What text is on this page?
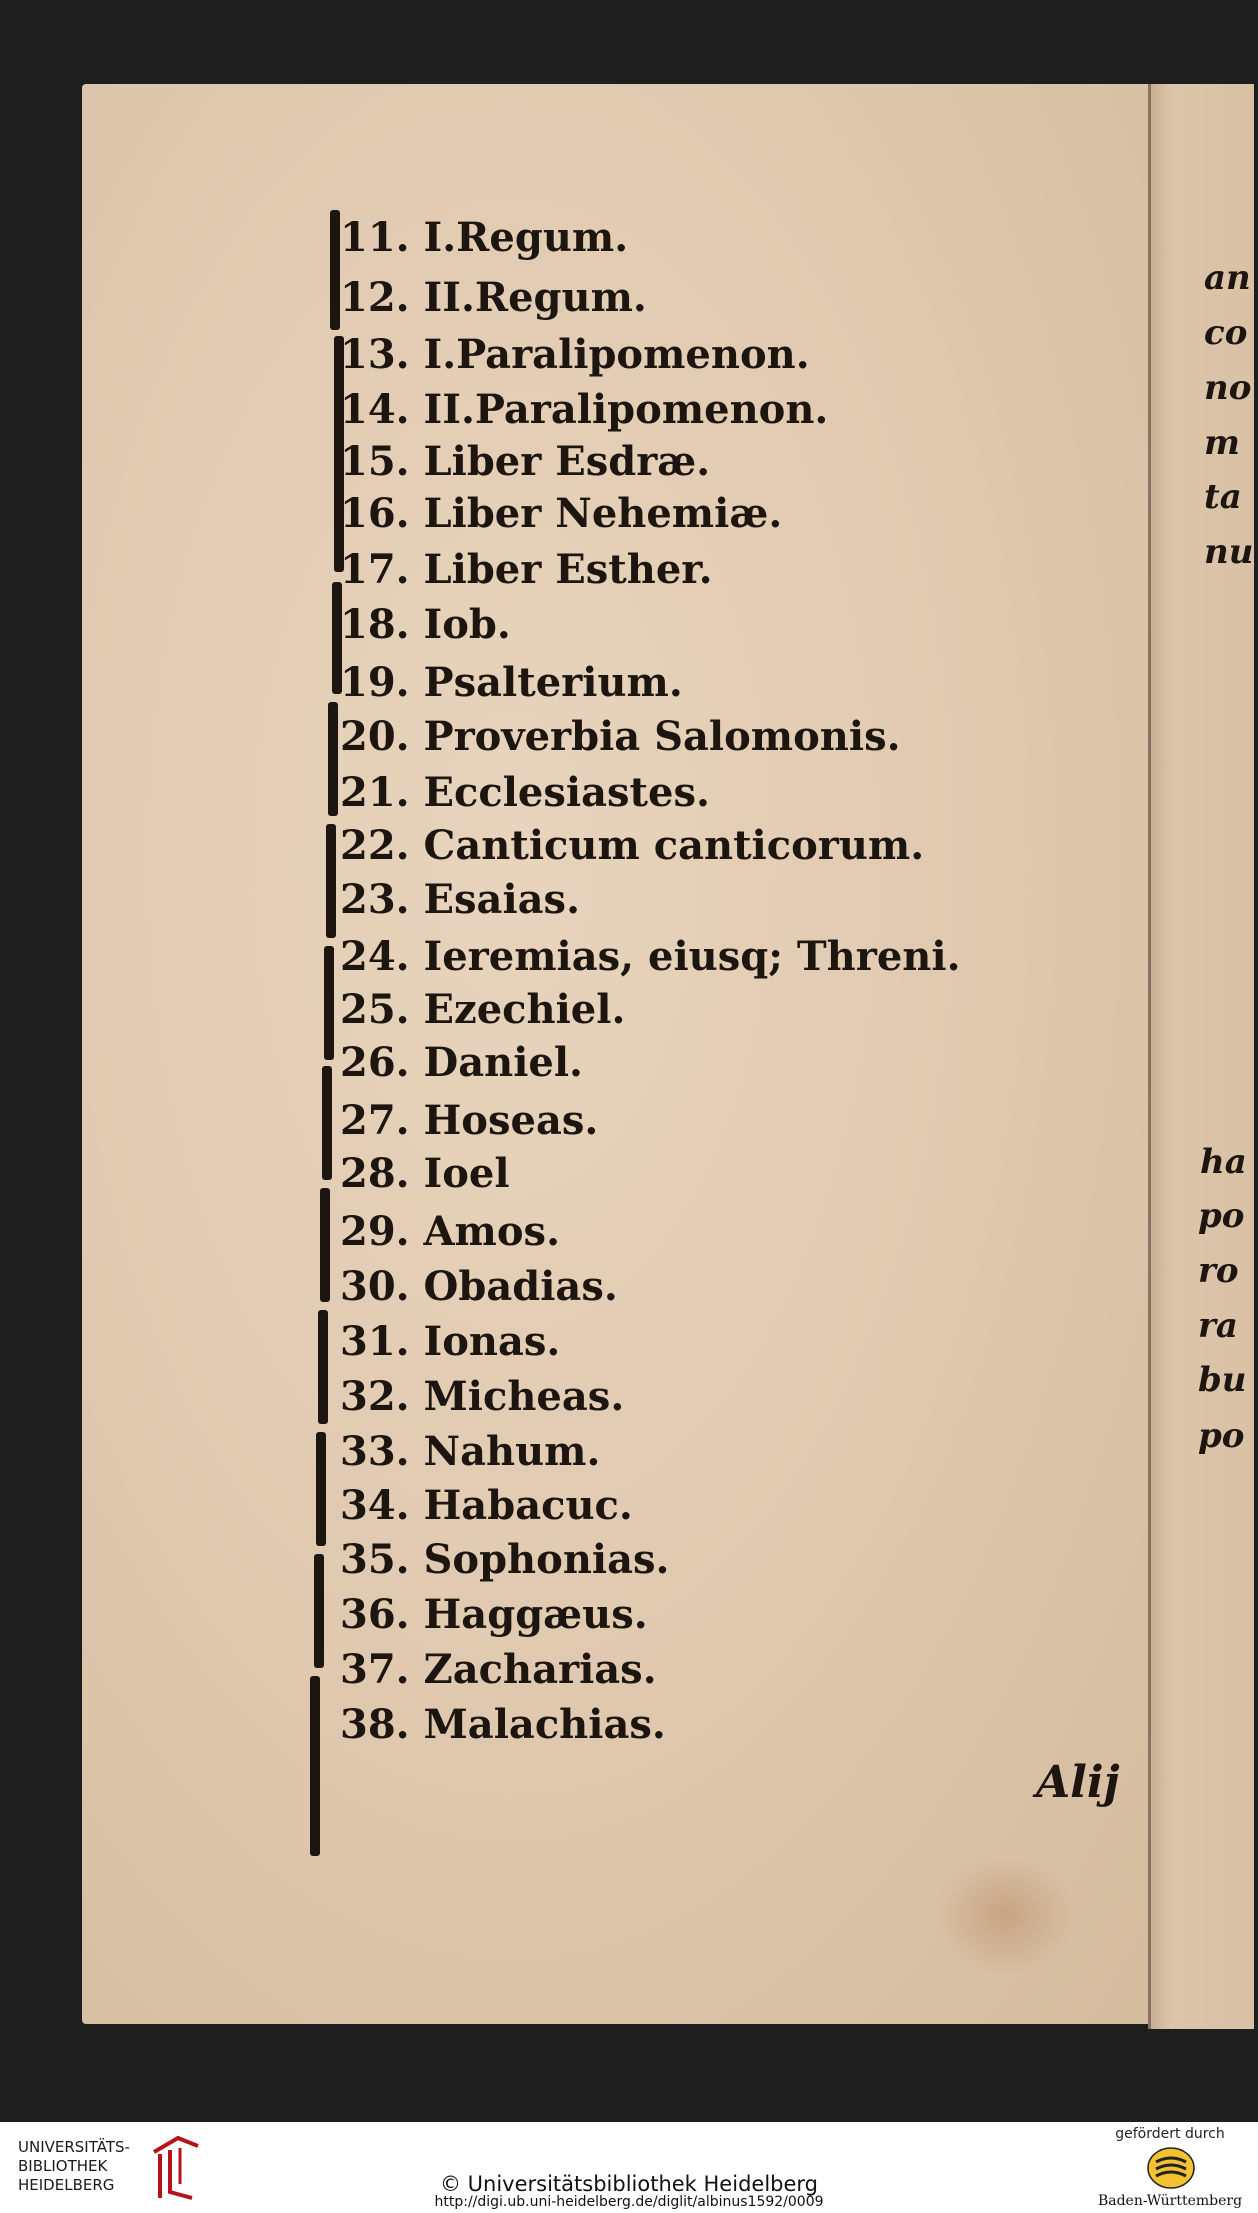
11. I.Regum.
12. II.Regum.
13. I.Paralipomenon.
14. II.Paralipomenon.
15. Liber Esdræ.
16. Liber Nehemiæ.
17. Liber Esther.
18. Iob.
19. Psalterium.
20. Proverbia Salomonis.
21. Ecclesiastes.
22. Canticum canticorum.
23. Esaias.
24. Ieremias, eiusq; Threni.
25. Ezechiel.
26. Daniel.
27. Hoseas.
28. Ioel
29. Amos.
30. Obadias.
31. Ionas.
32. Micheas.
33. Nahum.
34. Habacuc.
35. Sophonias.
36. Haggæus.
37. Zacharias.
38. Malachias.
Alij
an
co
no
m
ta
nu
ha
po
ro
ra
bu
po
UNIVERSITÄTS-
BIBLIOTHEK
HEIDELBERG	© Universitätsbibliothek Heidelberg
http://digi.ub.uni-heidelberg.de/diglit/albinus1592/0009
gefördert durch
Baden-Württemberg
